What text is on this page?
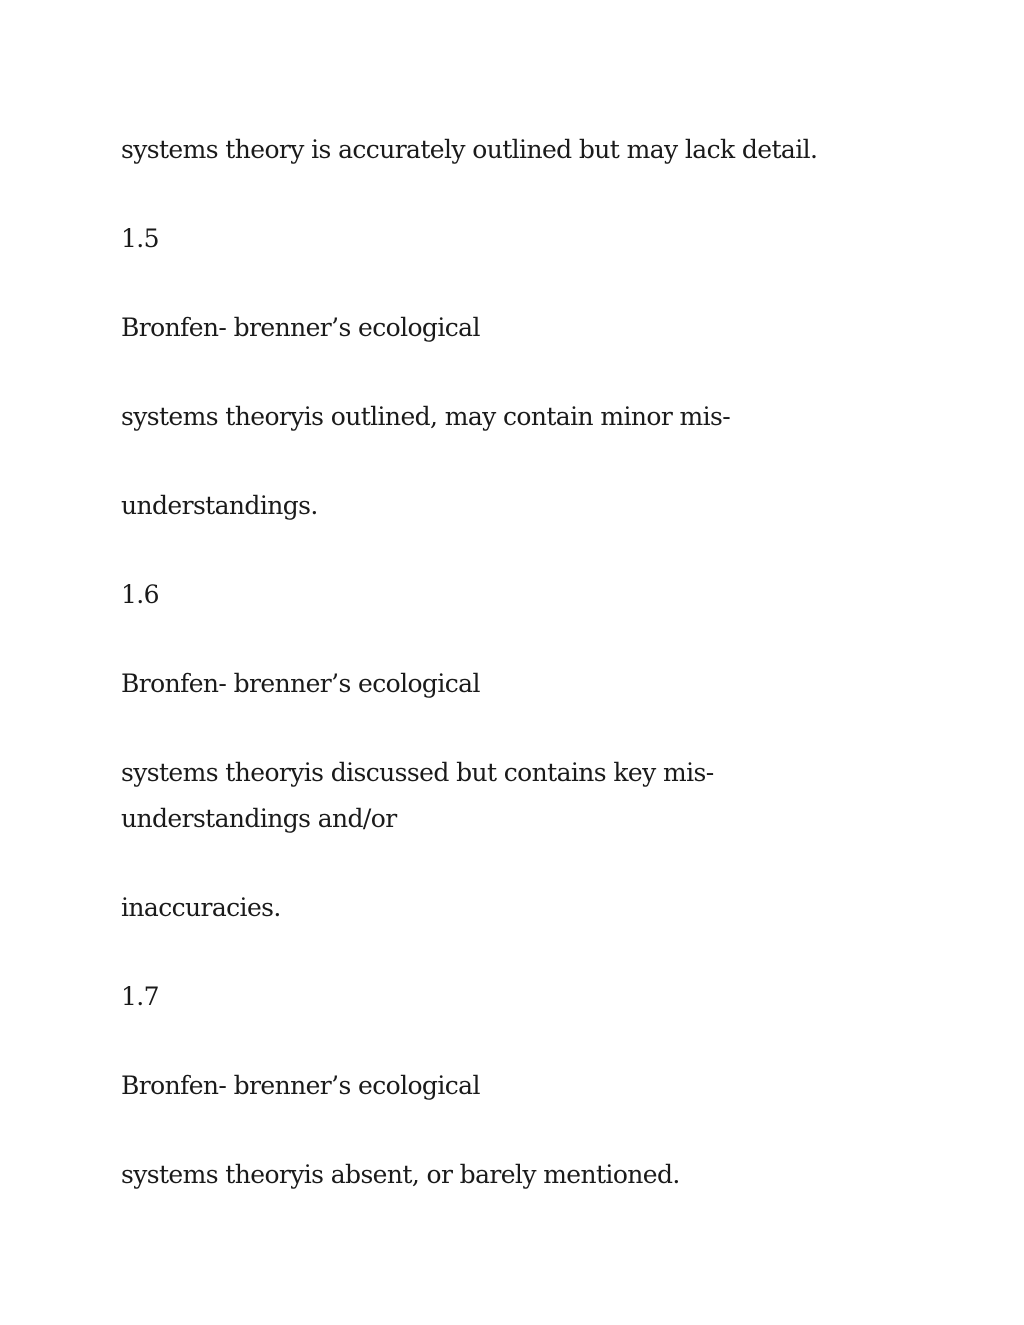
systems theory is accurately outlined but may lack detail.

1.5

Bronfen- brenner’s ecological

systems theoryis outlined, may contain minor mis-

understandings.

1.6

Bronfen- brenner’s ecological

systems theoryis discussed but contains key mis-

understandings and/or

inaccuracies.

1.7

Bronfen- brenner’s ecological

systems theoryis absent, or barely mentioned.
